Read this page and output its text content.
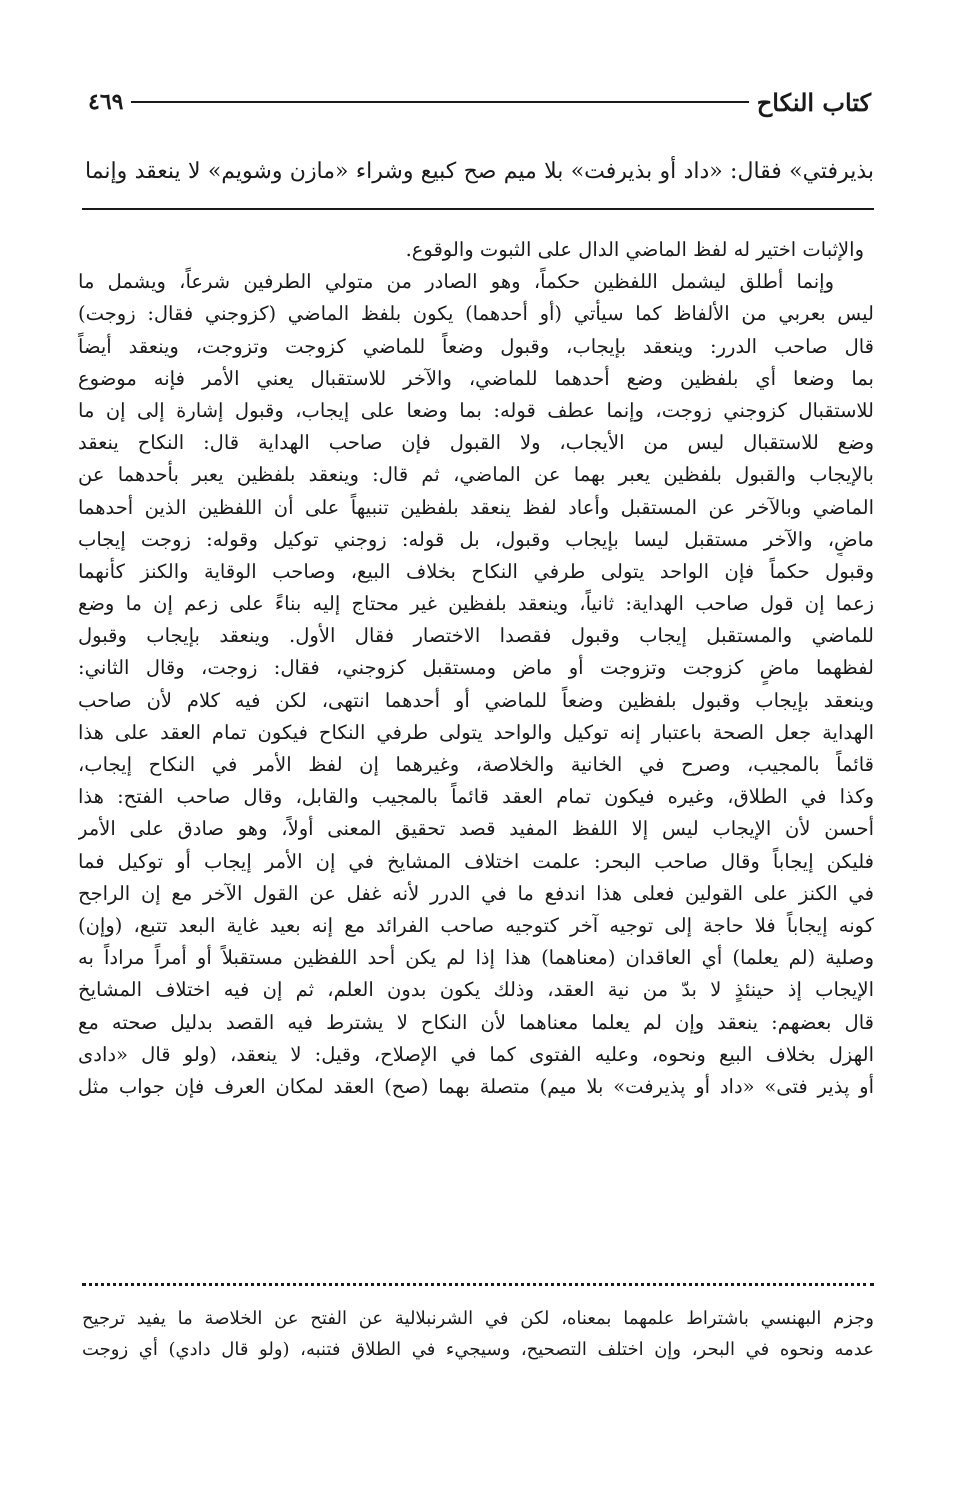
٤٦٩	كتاب النكاح
بذيرفتي» فقال: «داد أو بذيرفت» بلا ميم صح كبيع وشراء «مازن وشويم» لا ينعقد وإنما
والإثبات اختير له لفظ الماضي الدال على الثبوت والوقوع.
وإنما أطلق ليشمل اللفظين حكماً، وهو الصادر من متولي الطرفين شرعاً، ويشمل ما
ليس بعربي من الألفاظ كما سيأتي (أو أحدهما) يكون بلفظ الماضي (كزوجني فقال: زوجت)
قال صاحب الدرر: وينعقد بإيجاب، وقبول وضعاً للماضي كزوجت وتزوجت، وينعقد أيضاً
بما وضعا أي بلفظين وضع أحدهما للماضي، والآخر للاستقبال يعني الأمر فإنه موضوع
للاستقبال كزوجني زوجت، وإنما عطف قوله: بما وضعا على إيجاب، وقبول إشارة إلى إن ما
وضع للاستقبال ليس من الأيجاب، ولا القبول فإن صاحب الهداية قال: النكاح ينعقد
بالإيجاب والقبول بلفظين يعبر بهما عن الماضي، ثم قال: وينعقد بلفظين يعبر بأحدهما عن
الماضي وبالآخر عن المستقبل وأعاد لفظ ينعقد بلفظين تنبيهاً على أن اللفظين الذين أحدهما
ماضٍ، والآخر مستقبل ليسا بإيجاب وقبول، بل قوله: زوجني توكيل وقوله: زوجت إيجاب
وقبول حكماً فإن الواحد يتولى طرفي النكاح بخلاف البيع، وصاحب الوقاية والكنز كأنهما
زعما إن قول صاحب الهداية: ثانياً، وينعقد بلفظين غير محتاج إليه بناءً على زعم إن ما وضع
للماضي والمستقبل إيجاب وقبول فقصدا الاختصار فقال الأول. وينعقد بإيجاب وقبول
لفظهما ماضٍ كزوجت وتزوجت أو ماض ومستقبل كزوجني، فقال: زوجت، وقال الثاني:
وينعقد بإيجاب وقبول بلفظين وضعاً للماضي أو أحدهما انتهى، لكن فيه كلام لأن صاحب
الهداية جعل الصحة باعتبار إنه توكيل والواحد يتولى طرفي النكاح فيكون تمام العقد على هذا
قائماً بالمجيب، وصرح في الخانية والخلاصة، وغيرهما إن لفظ الأمر في النكاح إيجاب،
وكذا في الطلاق، وغيره فيكون تمام العقد قائماً بالمجيب والقابل، وقال صاحب الفتح: هذا
أحسن لأن الإيجاب ليس إلا اللفظ المفيد قصد تحقيق المعنى أولاً، وهو صادق على الأمر
فليكن إيجاباً وقال صاحب البحر: علمت اختلاف المشايخ في إن الأمر إيجاب أو توكيل فما
في الكنز على القولين فعلى هذا اندفع ما في الدرر لأنه غفل عن القول الآخر مع إن الراجح
كونه إيجاباً فلا حاجة إلى توجيه آخر كتوجيه صاحب الفرائد مع إنه بعيد غاية البعد تتبع، (وإن)
وصلية (لم يعلما) أي العاقدان (معناهما) هذا إذا لم يكن أحد اللفظين مستقبلاً أو أمراً مراداً به
الإيجاب إذ حينئذٍ لا بدّ من نية العقد، وذلك يكون بدون العلم، ثم إن فيه اختلاف المشايخ
قال بعضهم: ينعقد وإن لم يعلما معناهما لأن النكاح لا يشترط فيه القصد بدليل صحته مع
الهزل بخلاف البيع ونحوه، وعليه الفتوى كما في الإصلاح، وقيل: لا ينعقد، (ولو قال «دادى
أو پذير فتى» «داد أو پذيرفت» بلا ميم) متصلة بهما (صح) العقد لمكان العرف فإن جواب مثل
وجزم البهنسي باشتراط علمهما بمعناه، لكن في الشرنبلالية عن الفتح عن الخلاصة ما يفيد ترجيح
عدمه ونحوه في البحر، وإن اختلف التصحيح، وسيجيء في الطلاق فتنبه، (ولو قال دادي) أي زوجت
